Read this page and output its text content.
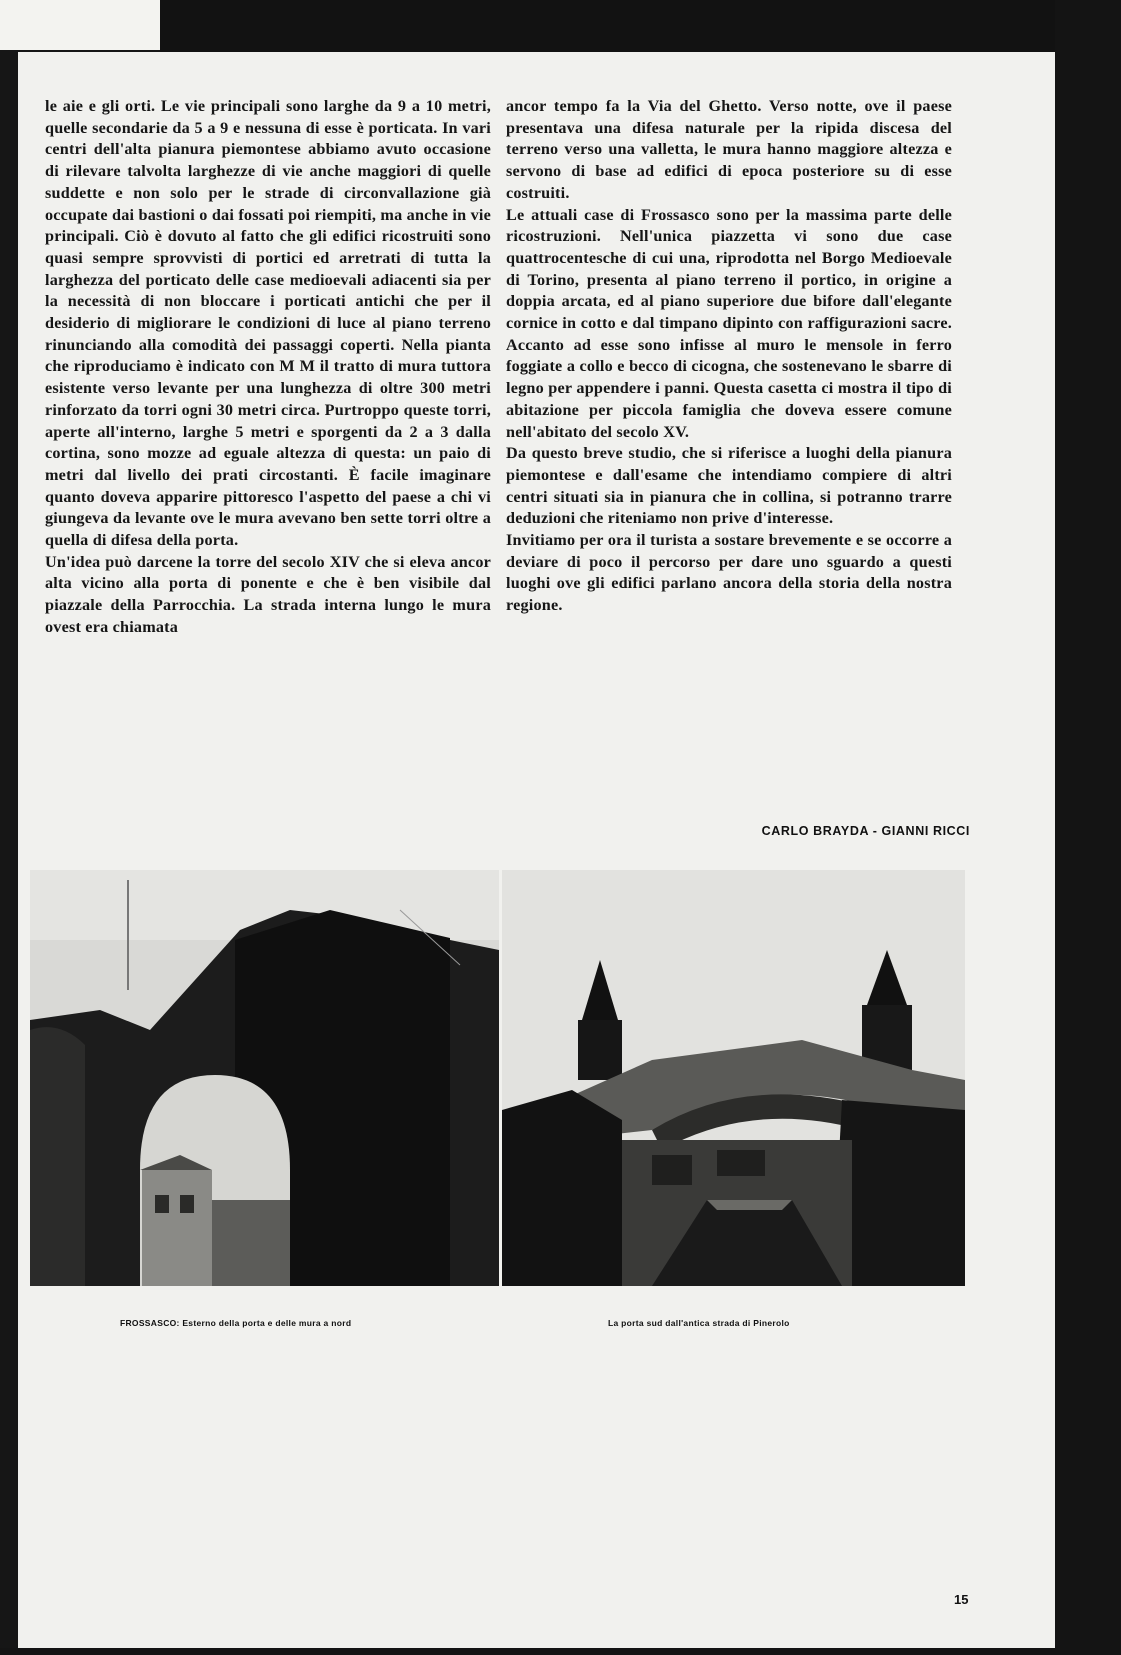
le aie e gli orti. Le vie principali sono larghe da 9 a 10 metri, quelle secondarie da 5 a 9 e nessuna di esse è porticata. In vari centri dell'alta pianura piemontese abbiamo avuto occasione di rilevare talvolta larghezze di vie anche maggiori di quelle suddette e non solo per le strade di circonvallazione già occupate dai bastioni o dai fossati poi riempiti, ma anche in vie principali. Ciò è dovuto al fatto che gli edifici ricostruiti sono quasi sempre sprovvisti di portici ed arretrati di tutta la larghezza del porticato delle case medioevali adiacenti sia per la necessità di non bloccare i porticati antichi che per il desiderio di migliorare le condizioni di luce al piano terreno rinunciando alla comodità dei passaggi coperti. Nella pianta che riproduciamo è indicato con M M il tratto di mura tuttora esistente verso levante per una lunghezza di oltre 300 metri rinforzato da torri ogni 30 metri circa. Purtroppo queste torri, aperte all'interno, larghe 5 metri e sporgenti da 2 a 3 dalla cortina, sono mozze ad eguale altezza di questa: un paio di metri dal livello dei prati circostanti. È facile imaginare quanto doveva apparire pittoresco l'aspetto del paese a chi vi giungeva da levante ove le mura avevano ben sette torri oltre a quella di difesa della porta.

Un'idea può darcene la torre del secolo XIV che si eleva ancor alta vicino alla porta di ponente e che è ben visibile dal piazzale della Parrocchia. La strada interna lungo le mura ovest era chiamata

ancor tempo fa la Via del Ghetto. Verso notte, ove il paese presentava una difesa naturale per la ripida discesa del terreno verso una valletta, le mura hanno maggiore altezza e servono di base ad edifici di epoca posteriore su di esse costruiti.

Le attuali case di Frossasco sono per la massima parte delle ricostruzioni. Nell'unica piazzetta vi sono due case quattrocentesche di cui una, riprodotta nel Borgo Medioevale di Torino, presenta al piano terreno il portico, in origine a doppia arcata, ed al piano superiore due bifore dall'elegante cornice in cotto e dal timpano dipinto con raffigurazioni sacre. Accanto ad esse sono infisse al muro le mensole in ferro foggiate a collo e becco di cicogna, che sostenevano le sbarre di legno per appendere i panni. Questa casetta ci mostra il tipo di abitazione per piccola famiglia che doveva essere comune nell'abitato del secolo XV.

Da questo breve studio, che si riferisce a luoghi della pianura piemontese e dall'esame che intendiamo compiere di altri centri situati sia in pianura che in collina, si potranno trarre deduzioni che riteniamo non prive d'interesse.

Invitiamo per ora il turista a sostare brevemente e se occorre a deviare di poco il percorso per dare uno sguardo a questi luoghi ove gli edifici parlano ancora della storia della nostra regione.

CARLO BRAYDA - GIANNI RICCI
FROSSASCO: Esterno della porta e delle mura a nord	La porta sud dall'antica strada di Pinerolo
15
